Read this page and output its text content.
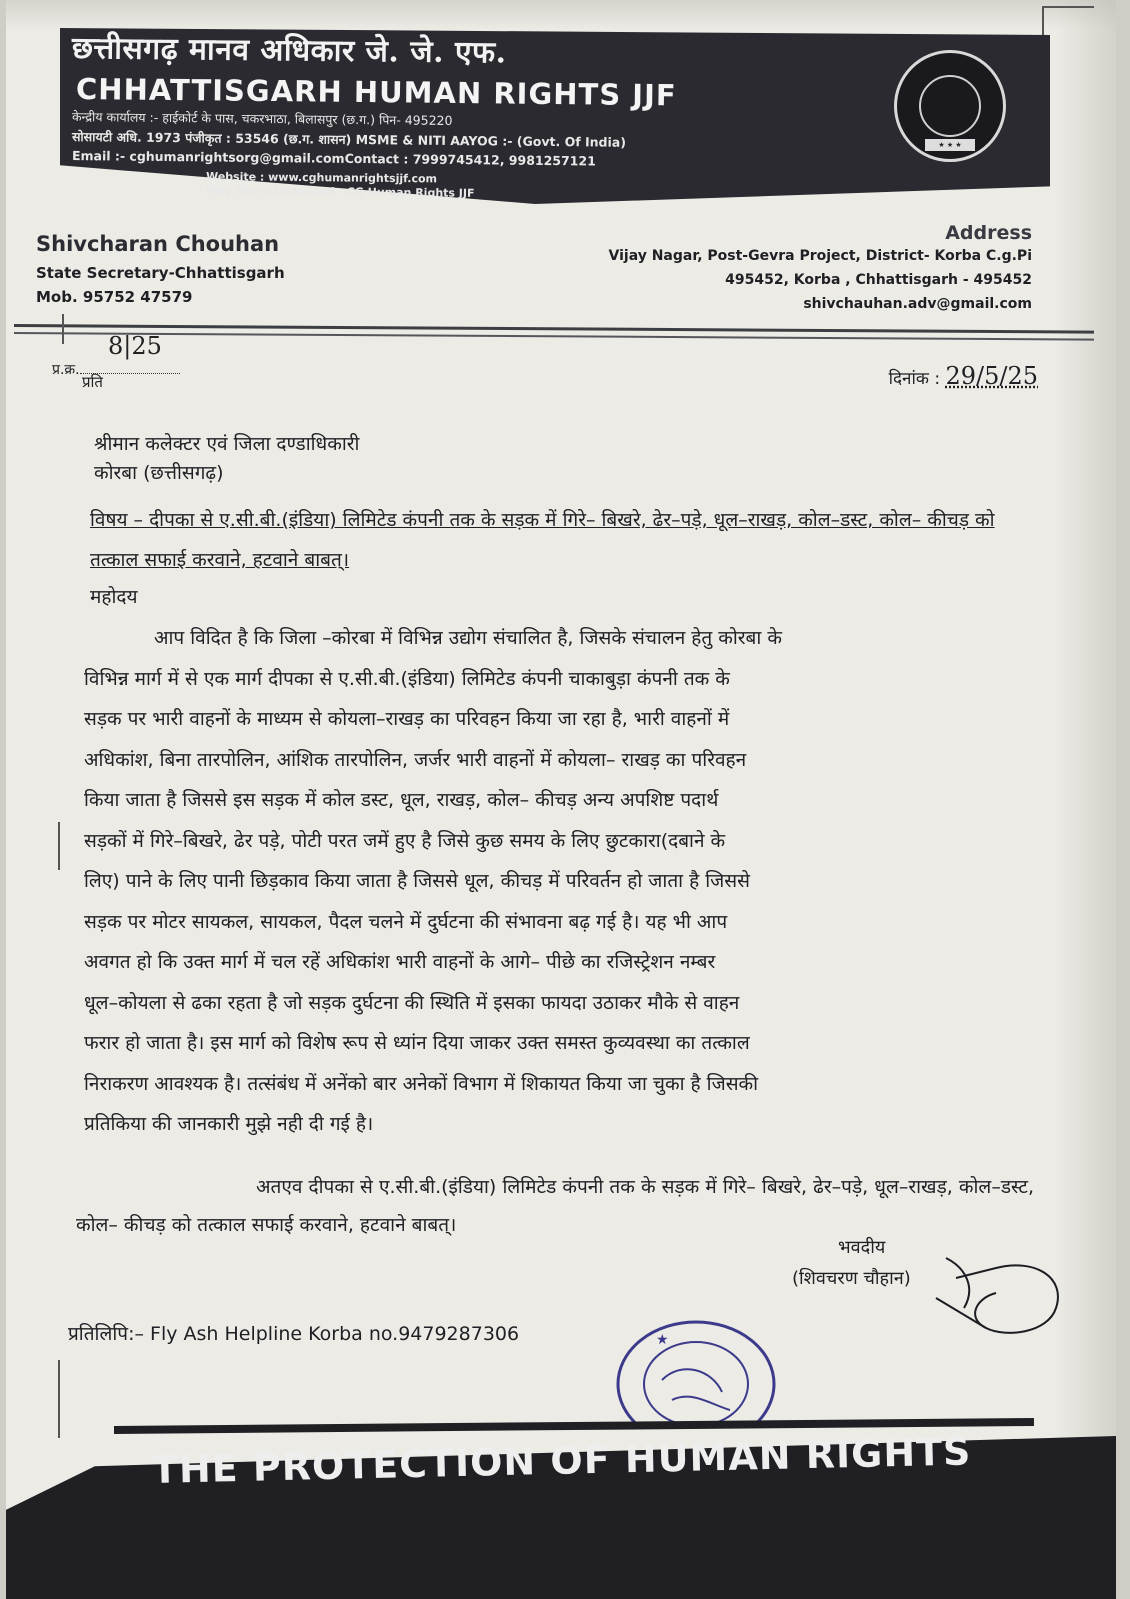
छत्तीसगढ़ मानव अधिकार जे. जे. एफ.
CHHATTISGARH HUMAN RIGHTS JJF
केन्द्रीय कार्यालय :- हाईकोर्ट के पास, चकरभाठा, बिलासपुर (छ.ग.) पिन- 495220
सोसायटी अधि. 1973 पंजीकृत : 53546 (छ.ग. शासन) MSME & NITI AAYOG :- (Govt. Of India)
Email :- cghumanrightsorg@gmail.comContact : 7999745412, 9981257121
Website : www.cghumanrightsjjf.com
Play Store Download : CG Human Rights JJF
★ ★ ★
Shivcharan Chouhan
State Secretary-Chhattisgarh
Mob. 95752 47579
Address
Vijay Nagar, Post-Gevra Project, District- Korba C.g.Pi
495452, Korba , Chhattisgarh - 495452
shivchauhan.adv@gmail.com
8|25
प्र.क्र.
प्रति	दिनांक : 29/5/25
श्रीमान कलेक्टर एवं जिला दण्डाधिकारी
कोरबा (छत्तीसगढ़)
विषय – दीपका से ए.सी.बी.(इंडिया) लिमिटेड कंपनी तक के सड़क में गिरे– बिखरे, ढेर–पड़े, धूल–राखड़, कोल–डस्ट, कोल– कीचड़ को तत्काल सफाई करवाने, हटवाने बाबत्।
महोदय
आप विदित है कि जिला –कोरबा में विभिन्न उद्योग संचालित है, जिसके संचालन हेतु कोरबा के
विभिन्न मार्ग में से एक मार्ग दीपका से ए.सी.बी.(इंडिया) लिमिटेड कंपनी चाकाबुड़ा कंपनी तक के
सड़क पर भारी वाहनों के माध्यम से कोयला–राखड़ का परिवहन किया जा रहा है, भारी वाहनों में
अधिकांश, बिना तारपोलिन, आंशिक तारपोलिन, जर्जर भारी वाहनों में कोयला– राखड़ का परिवहन
किया जाता है जिससे इस सड़क में कोल डस्ट, धूल, राखड़, कोल– कीचड़ अन्य अपशिष्ट पदार्थ
सड़कों में गिरे–बिखरे, ढेर पड़े, पोटी परत जमें हुए है जिसे कुछ समय के लिए छुटकारा(दबाने के
लिए) पाने के लिए पानी छिड़काव किया जाता है जिससे धूल, कीचड़ में परिवर्तन हो जाता है जिससे
सड़क पर मोटर सायकल, सायकल, पैदल चलने में दुर्घटना की संभावना बढ़ गई है। यह भी आप
अवगत हो कि उक्त मार्ग में चल रहें अधिकांश भारी वाहनों के आगे– पीछे का रजिस्ट्रेशन नम्बर
धूल–कोयला से ढका रहता है जो सड़क दुर्घटना की स्थिति में इसका फायदा उठाकर मौके से वाहन
फरार हो जाता है। इस मार्ग को विशेष रूप से ध्यांन दिया जाकर उक्त समस्त कुव्यवस्था का तत्काल
निराकरण आवश्यक है। तत्संबंध में अनेंको बार अनेकों विभाग में शिकायत किया जा चुका है जिसकी
प्रतिकिया की जानकारी मुझे नही दी गई है।
अतएव दीपका से ए.सी.बी.(इंडिया) लिमिटेड कंपनी तक के सड़क में गिरे– बिखरे, ढेर–पड़े, धूल–राखड़, कोल–डस्ट, कोल– कीचड़ को तत्काल सफाई करवाने, हटवाने बाबत्।
भवदीय
(शिवचरण चौहान)
प्रतिलिपि:– Fly Ash Helpline Korba no.9479287306	★
THE PROTECTION OF HUMAN RIGHTS
